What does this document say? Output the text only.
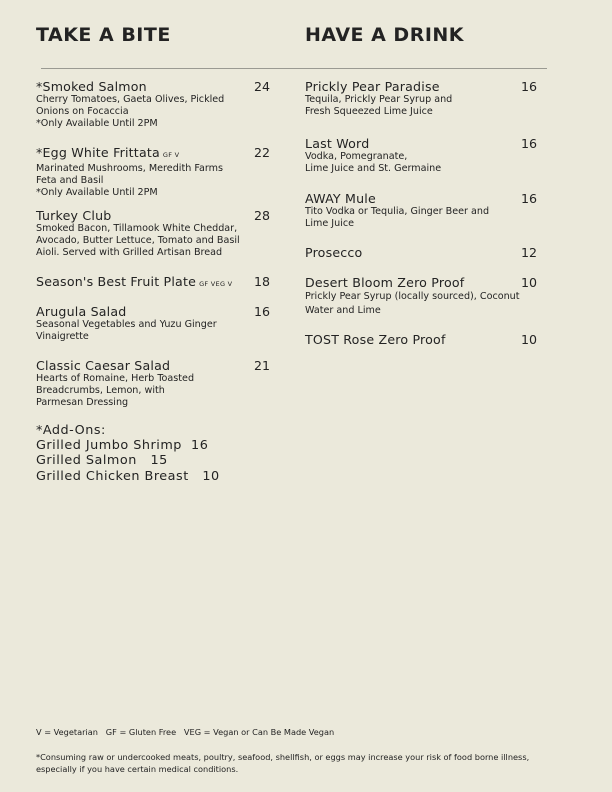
TAKE A BITE	HAVE A DRINK
*Smoked Salmon	24
Cherry Tomatoes, Gaeta Olives, Pickled
Onions on Focaccia
*Only Available Until 2PM
*Egg White Frittata GF V	22
Marinated Mushrooms, Meredith Farms
Feta and Basil
*Only Available Until 2PM
Turkey Club	28
Smoked Bacon, Tillamook White Cheddar,
Avocado, Butter Lettuce, Tomato and Basil
Aioli. Served with Grilled Artisan Bread
Season's Best Fruit Plate GF VEG V 18
Arugula Salad	16
Seasonal Vegetables and Yuzu Ginger
Vinaigrette
Classic Caesar Salad	21
Hearts of Romaine, Herb Toasted
Breadcrumbs, Lemon, with
Parmesan Dressing
*Add-Ons:
Grilled Jumbo Shrimp  16
Grilled Salmon   15
Grilled Chicken Breast   10
Prickly Pear Paradise	16
Tequila, Prickly Pear Syrup and
Fresh Squeezed Lime Juice
Last Word	16
Vodka, Pomegranate,
Lime Juice and St. Germaine
AWAY Mule	16
Tito Vodka or Tequlia, Ginger Beer and
Lime Juice
Prosecco	12
Desert Bloom Zero Proof	10
Prickly Pear Syrup (locally sourced), Coconut
Water and Lime
TOST Rose Zero Proof	10
V = Vegetarian   GF = Gluten Free   VEG = Vegan or Can Be Made Vegan
*Consuming raw or undercooked meats, poultry, seafood, shellfish, or eggs may increase your risk of food borne illness, especially if you have certain medical conditions.
